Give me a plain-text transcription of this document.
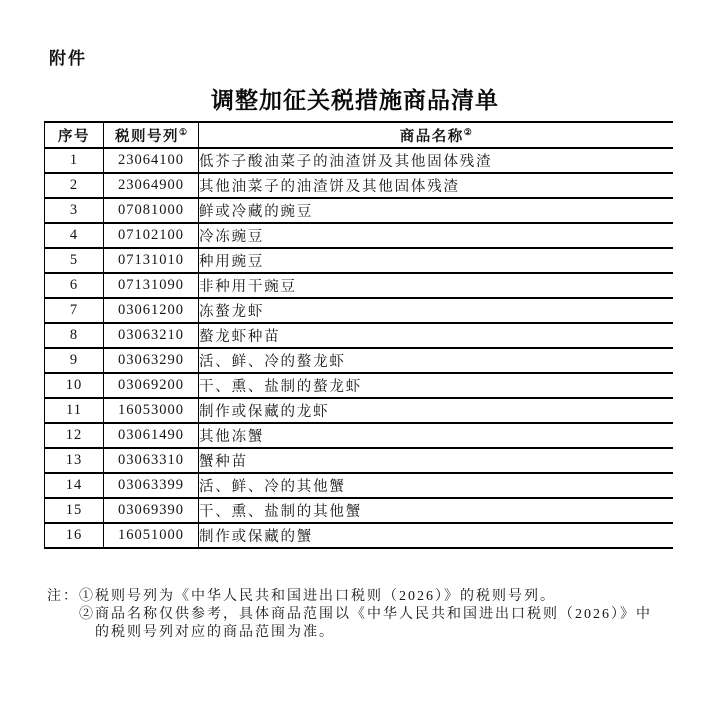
附件
调整加征关税措施商品清单
序号	税则号列①	商品名称②
1	23064100	低芥子酸油菜子的油渣饼及其他固体残渣
2	23064900	其他油菜子的油渣饼及其他固体残渣
3	07081000	鲜或冷藏的豌豆
4	07102100	冷冻豌豆
5	07131010	种用豌豆
6	07131090	非种用干豌豆
7	03061200	冻螯龙虾
8	03063210	螯龙虾种苗
9	03063290	活、鲜、冷的螯龙虾
10	03069200	干、熏、盐制的螯龙虾
11	16053000	制作或保藏的龙虾
12	03061490	其他冻蟹
13	03063310	蟹种苗
14	03063399	活、鲜、冷的其他蟹
15	03069390	干、熏、盐制的其他蟹
16	16051000	制作或保藏的蟹
注： ①税则号列为《中华人民共和国进出口税则（2026）》的税则号列。
②商品名称仅供参考，具体商品范围以《中华人民共和国进出口税则（2026）》中
的税则号列对应的商品范围为准。
